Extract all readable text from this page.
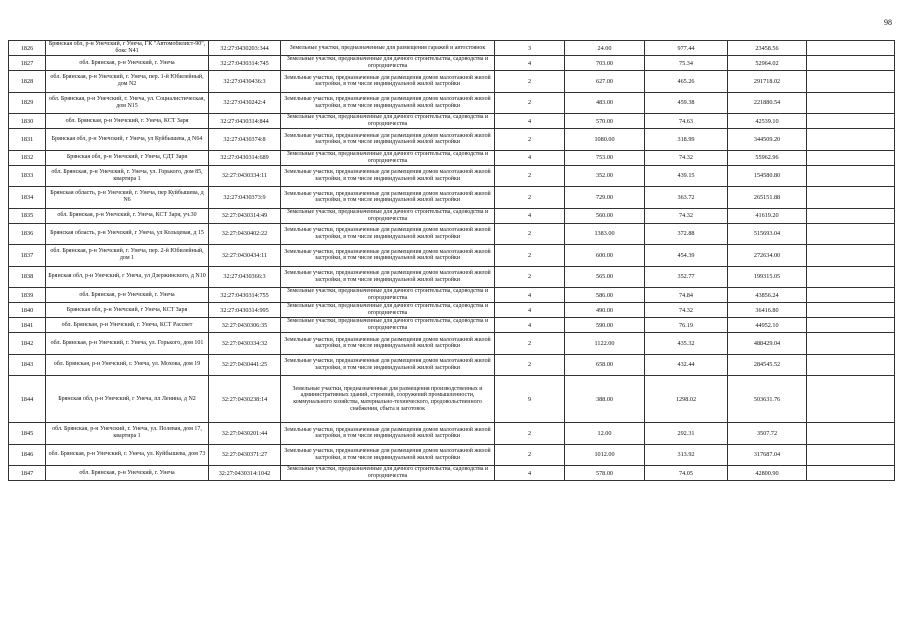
98
1826	Брянская обл, р-н Унечский, г Унеча, ГК "Автомобилист-90", бокс N41	32:27:0430203:344	Земельные участки, предназначенные для размещения гаражей и автостоянок	3	24.00	977.44	23458.56	
1827	обл. Брянская, р-н Унечский, г. Унеча	32:27:0430314:745	Земельные участки, предназначенные для дачного строительства, садоводства и огородничества	4	703.00	75.34	52964.02	
1828	обл. Брянская, р-н Унечский, г. Унеча, пер. 1-й Юбилейный, дом N2	32:27:0430436:3	Земельные участки, предназначенные для размещения домов малоэтажной жилой застройки, в том числе индивидуальной жилой застройки	2	627.00	465.26	291718.02	
1829	обл. Брянская, р-н Унечский, г. Унеча, ул. Социалистическая, дом N15	32:27:0430242:4	Земельные участки, предназначенные для размещения домов малоэтажной жилой застройки, в том числе индивидуальной жилой застройки	2	483.00	459.38	221880.54	
1830	обл. Брянская, р-н Унечский, г. Унеча, КСТ Заря	32:27:0430314:844	Земельные участки, предназначенные для дачного строительства, садоводства и огородничества	4	570.00	74.63	42539.10	
1831	Брянская обл, р-н Унечский, г Унеча, ул Куйбышева, д N64	32:27:0430374:8	Земельные участки, предназначенные для размещения домов малоэтажной жилой застройки, в том числе индивидуальной жилой застройки	2	1080.00	318.99	344509.20	
1832	Брянская обл, р-н Унечский, г Унеча, СДТ Заря	32:27:0430314:689	Земельные участки, предназначенные для дачного строительства, садоводства и огородничества	4	753.00	74.32	55962.96	
1833	обл. Брянская, р-н Унечский, г. Унеча, ул. Горького, дом 85, квартира 1	32:27:0430334:11	Земельные участки, предназначенные для размещения домов малоэтажной жилой застройки, в том числе индивидуальной жилой застройки	2	352.00	439.15	154580.80	
1834	Брянская область, р-н Унечский, г. Унеча, пер Куйбышева, д N6	32:27:0430373:9	Земельные участки, предназначенные для размещения домов малоэтажной жилой застройки, в том числе индивидуальной жилой застройки	2	729.00	363.72	265151.88	
1835	обл. Брянская, р-н Унечский, г. Унеча, КСТ Заря, уч.30	32:27:0430314:49	Земельные участки, предназначенные для дачного строительства, садоводства и огородничества	4	560.00	74.32	41619.20	
1836	Брянская область, р-н Унечский, г Унеча, ул Кольцевая, д 15	32:27:0430402:22	Земельные участки, предназначенные для размещения домов малоэтажной жилой застройки, в том числе индивидуальной жилой застройки	2	1383.00	372.88	515693.04	
1837	обл. Брянская, р-н Унечский, г. Унеча, пер. 2-й Юбилейный, дом 1	32:27:0430434:11	Земельные участки, предназначенные для размещения домов малоэтажной жилой застройки, в том числе индивидуальной жилой застройки	2	600.00	454.39	272634.00	
1838	Брянская обл, р-н Унечский, г Унеча, ул Дзержинского, д N10	32:27:0430366:3	Земельные участки, предназначенные для размещения домов малоэтажной жилой застройки, в том числе индивидуальной жилой застройки	2	565.00	352.77	199315.05	
1839	обл. Брянская, р-н Унечский, г. Унеча	32:27:0430314:755	Земельные участки, предназначенные для дачного строительства, садоводства и огородничества	4	586.00	74.84	43856.24	
1840	Брянская обл, р-н Унечский, г Унеча, КСТ Заря	32:27:0430314:995	Земельные участки, предназначенные для дачного строительства, садоводства и огородничества	4	490.00	74.32	36416.80	
1841	обл. Брянская, р-н Унечский, г. Унеча, КСТ Рассвет	32:27:0430306:35	Земельные участки, предназначенные для дачного строительства, садоводства и огородничества	4	590.00	76.19	44952.10	
1842	обл. Брянская, р-н Унечский, г. Унеча, ул. Горького, дом 101	32:27:0430334:32	Земельные участки, предназначенные для размещения домов малоэтажной жилой застройки, в том числе индивидуальной жилой застройки	2	1122.00	435.32	488429.04	
1843	обл. Брянская, р-н Унечский, г. Унеча, ул. Мохова, дом 19	32:27:0430441:25	Земельные участки, предназначенные для размещения домов малоэтажной жилой застройки, в том числе индивидуальной жилой застройки	2	658.00	432.44	284545.52	
1844	Брянская обл, р-н Унечский, г Унеча, пл Ленина, д N2	32:27:0430238:14	Земельные участки, предназначенные для размещения производственных и административных зданий, строений, сооружений промышленности, коммунального хозяйства, материально-технического, продовольственного снабжения, сбыта и заготовок	9	388.00	1298.02	503631.76	
1845	обл. Брянская, р-н Унечский, г. Унеча, ул. Полевая, дом 17, квартира 1	32:27:0430201:44	Земельные участки, предназначенные для размещения домов малоэтажной жилой застройки, в том числе индивидуальной жилой застройки	2	12.00	292.31	3507.72	
1846	обл. Брянская, р-н Унечский, г. Унеча, ул. Куйбышева, дом 73	32:27:0430371:27	Земельные участки, предназначенные для размещения домов малоэтажной жилой застройки, в том числе индивидуальной жилой застройки	2	1012.00	313.92	317687.04	
1847	обл. Брянская, р-н Унечский, г. Унеча	32:27:0430314:1042	Земельные участки, предназначенные для дачного строительства, садоводства и огородничества	4	578.00	74.05	42800.90	
